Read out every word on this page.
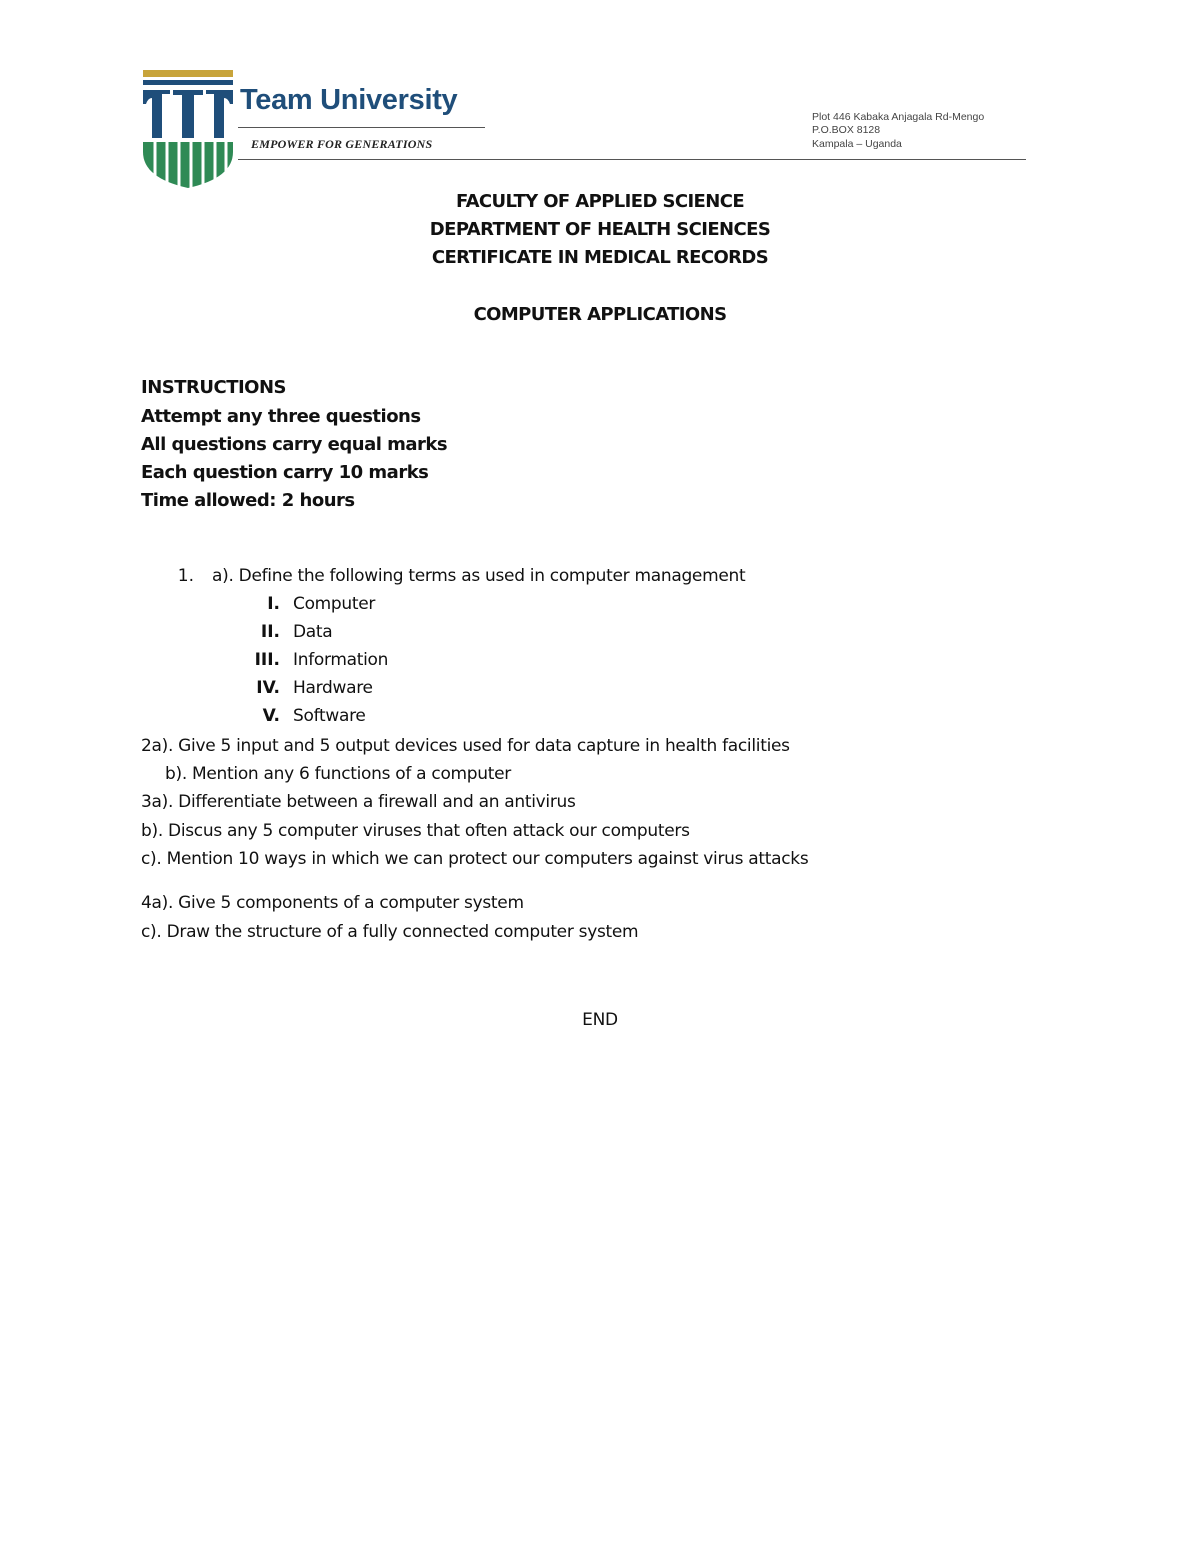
Team University
EMPOWER FOR GENERATIONS
Plot 446 Kabaka Anjagala Rd-Mengo
P.O.BOX 8128
Kampala – Uganda
FACULTY OF APPLIED SCIENCE
DEPARTMENT OF HEALTH SCIENCES
CERTIFICATE IN MEDICAL RECORDS
COMPUTER APPLICATIONS
INSTRUCTIONS
Attempt any three questions
All questions carry equal marks
Each question carry 10 marks
Time allowed: 2 hours
1. a). Define the following terms as used in computer management
I. Computer
II. Data
III. Information
IV. Hardware
V. Software
2a). Give 5 input and 5 output devices used for data capture in health facilities
b). Mention any 6 functions of a computer
3a). Differentiate between a firewall and an antivirus
b). Discus any 5 computer viruses that often attack our computers
c). Mention 10 ways in which we can protect our computers against virus attacks
4a). Give 5 components of a computer system
c). Draw the structure of a fully connected computer system
END
